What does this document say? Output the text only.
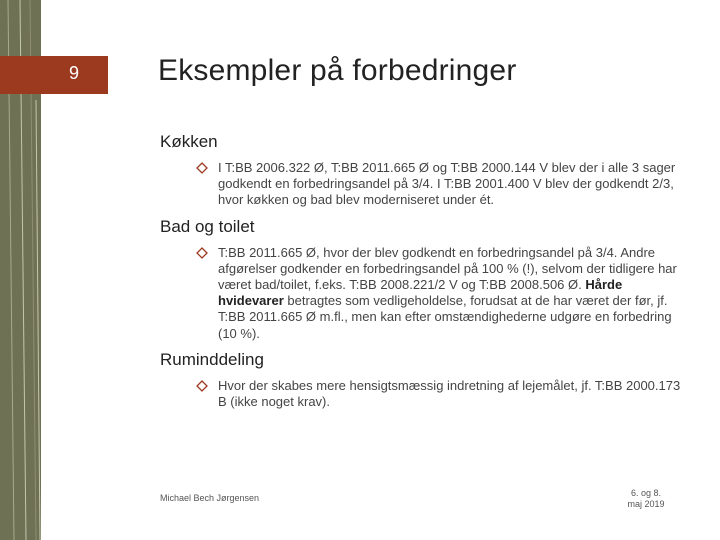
9	Eksempler på forbedringer

Køkken

I T:BB 2006.322 Ø, T:BB 2011.665 Ø og T:BB 2000.144 V blev der i alle 3 sager godkendt en forbedringsandel på 3/4. I T:BB 2001.400 V blev der godkendt 2/3, hvor køkken og bad blev moderniseret under ét.

Bad og toilet

T:BB 2011.665 Ø, hvor der blev godkendt en forbedringsandel på 3/4. Andre afgørelser godkender en forbedringsandel på 100 % (!), selvom der tidligere har været bad/toilet, f.eks. T:BB 2008.221/2 V og T:BB 2008.506 Ø. Hårde hvidevarer betragtes som vedligeholdelse, forudsat at de har været der før, jf. T:BB 2011.665 Ø m.fl., men kan efter omstændighederne udgøre en forbedring (10 %).

Ruminddeling

Hvor der skabes mere hensigtsmæssig indretning af lejemålet, jf. T:BB 2000.173 B (ikke noget krav).
Michael Bech Jørgensen	6. og 8.
maj 2019
